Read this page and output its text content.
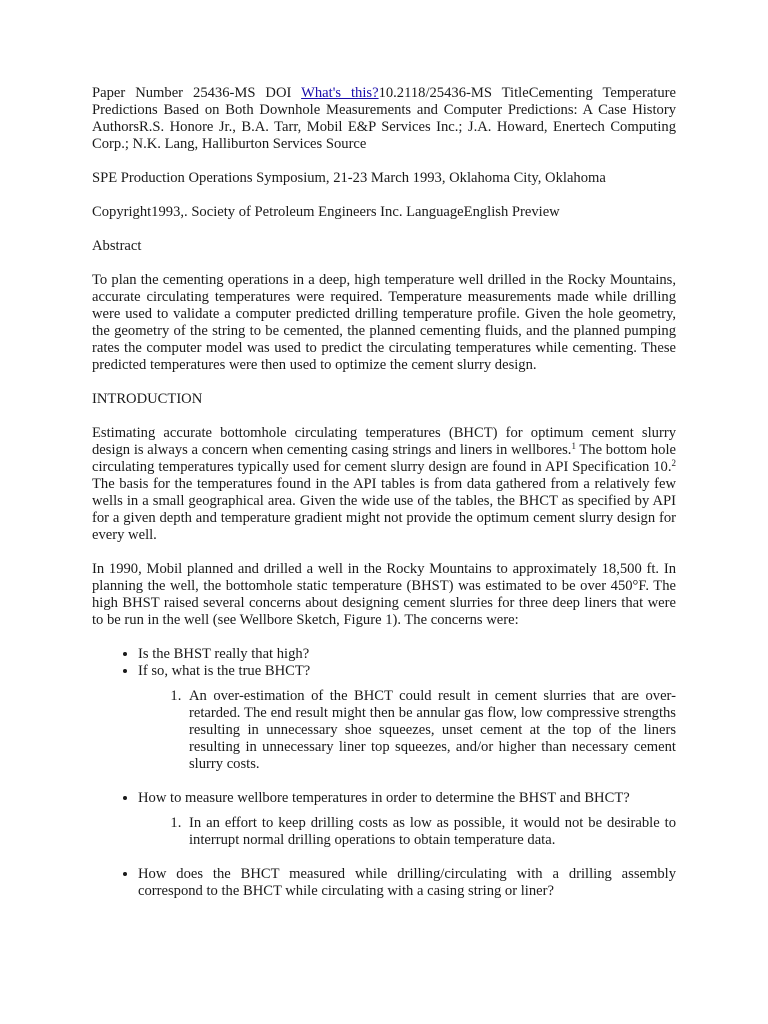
Paper Number 25436-MS DOI What's this?10.2118/25436-MS TitleCementing Temperature Predictions Based on Both Downhole Measurements and Computer Predictions: A Case History AuthorsR.S. Honore Jr., B.A. Tarr, Mobil E&P Services Inc.; J.A. Howard, Enertech Computing Corp.; N.K. Lang, Halliburton Services Source

SPE Production Operations Symposium, 21-23 March 1993, Oklahoma City, Oklahoma

Copyright1993,. Society of Petroleum Engineers Inc. LanguageEnglish Preview

Abstract

To plan the cementing operations in a deep, high temperature well drilled in the Rocky Mountains, accurate circulating temperatures were required. Temperature measurements made while drilling were used to validate a computer predicted drilling temperature profile. Given the hole geometry, the geometry of the string to be cemented, the planned cementing fluids, and the planned pumping rates the computer model was used to predict the circulating temperatures while cementing. These predicted temperatures were then used to optimize the cement slurry design.

INTRODUCTION

Estimating accurate bottomhole circulating temperatures (BHCT) for optimum cement slurry design is always a concern when cementing casing strings and liners in wellbores.$^1$ The bottom hole circulating temperatures typically used for cement slurry design are found in API Specification 10.$^2$ The basis for the temperatures found in the API tables is from data gathered from a relatively few wells in a small geographical area. Given the wide use of the tables, the BHCT as specified by API for a given depth and temperature gradient might not provide the optimum cement slurry design for every well.

In 1990, Mobil planned and drilled a well in the Rocky Mountains to approximately 18,500 ft. In planning the well, the bottomhole static temperature (BHST) was estimated to be over 450°F. The high BHST raised several concerns about designing cement slurries for three deep liners that were to be run in the well (see Wellbore Sketch, Figure 1). The concerns were:

• Is the BHST really that high?
• If so, what is the true BHCT?
1. An over-estimation of the BHCT could result in cement slurries that are over-retarded. The end result might then be annular gas flow, low compressive strengths resulting in unnecessary shoe squeezes, unset cement at the top of the liners resulting in unnecessary liner top squeezes, and/or higher than necessary cement slurry costs.
• How to measure wellbore temperatures in order to determine the BHST and BHCT?
1. In an effort to keep drilling costs as low as possible, it would not be desirable to interrupt normal drilling operations to obtain temperature data.
• How does the BHCT measured while drilling/circulating with a drilling assembly correspond to the BHCT while circulating with a casing string or liner?
